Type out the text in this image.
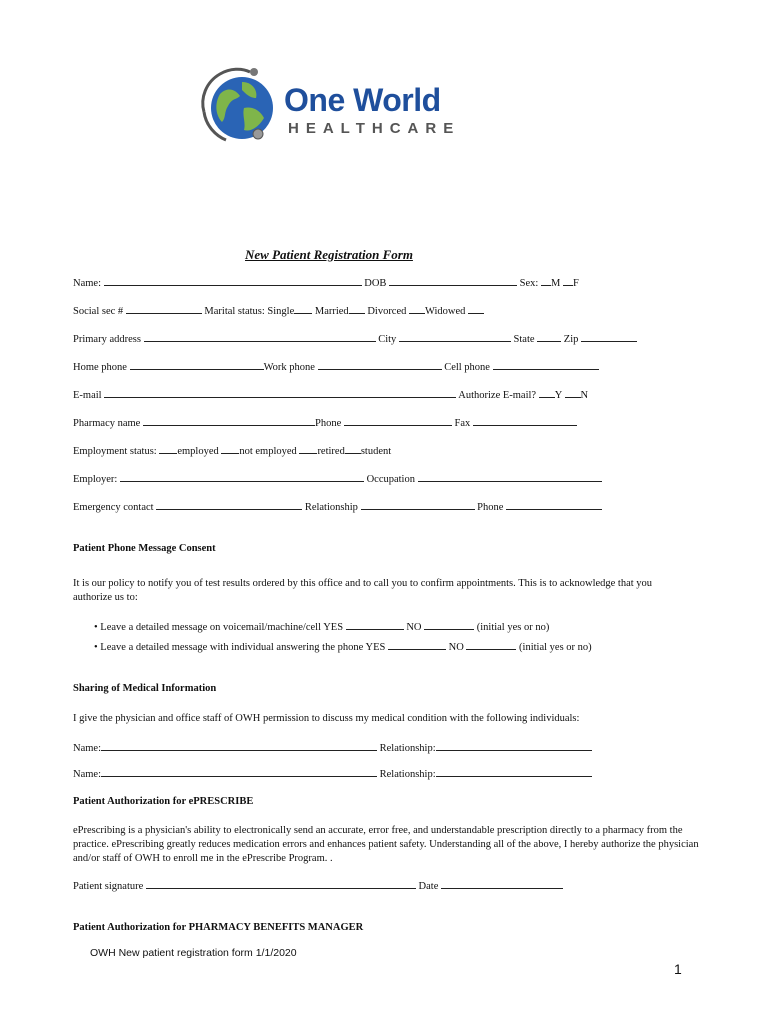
One World
HEALTHCARE
New Patient Registration Form
Name:	DOB	Sex: M F
Social sec #	Marital status: Single Married Divorced Widowed
Primary address	City	State	Zip
Home phone	Work phone	Cell phone
E-mail	Authorize E-mail? Y N
Pharmacy name	Phone	Fax
Employment status: employed not employed retired student
Employer:	Occupation
Emergency contact	Relationship	Phone
Patient Phone Message Consent
It is our policy to notify you of test results ordered by this office and to call you to confirm appointments. This is to acknowledge that you authorize us to:
• Leave a detailed message on voicemail/machine/cell YES	NO	(initial yes or no)
• Leave a detailed message with individual answering the phone YES	NO	(initial yes or no)
Sharing of Medical Information
I give the physician and office staff of OWH permission to discuss my medical condition with the following individuals:
Name:	Relationship:
Name:	Relationship:
Patient Authorization for ePRESCRIBE
ePrescribing is a physician's ability to electronically send an accurate, error free, and understandable prescription directly to a pharmacy from the practice. ePrescribing greatly reduces medication errors and enhances patient safety. Understanding all of the above, I hereby authorize the physician and/or staff of OWH to enroll me in the ePrescribe Program. .
Patient signature	Date
Patient Authorization for PHARMACY BENEFITS MANAGER
OWH New patient registration form 1/1/2020
1
